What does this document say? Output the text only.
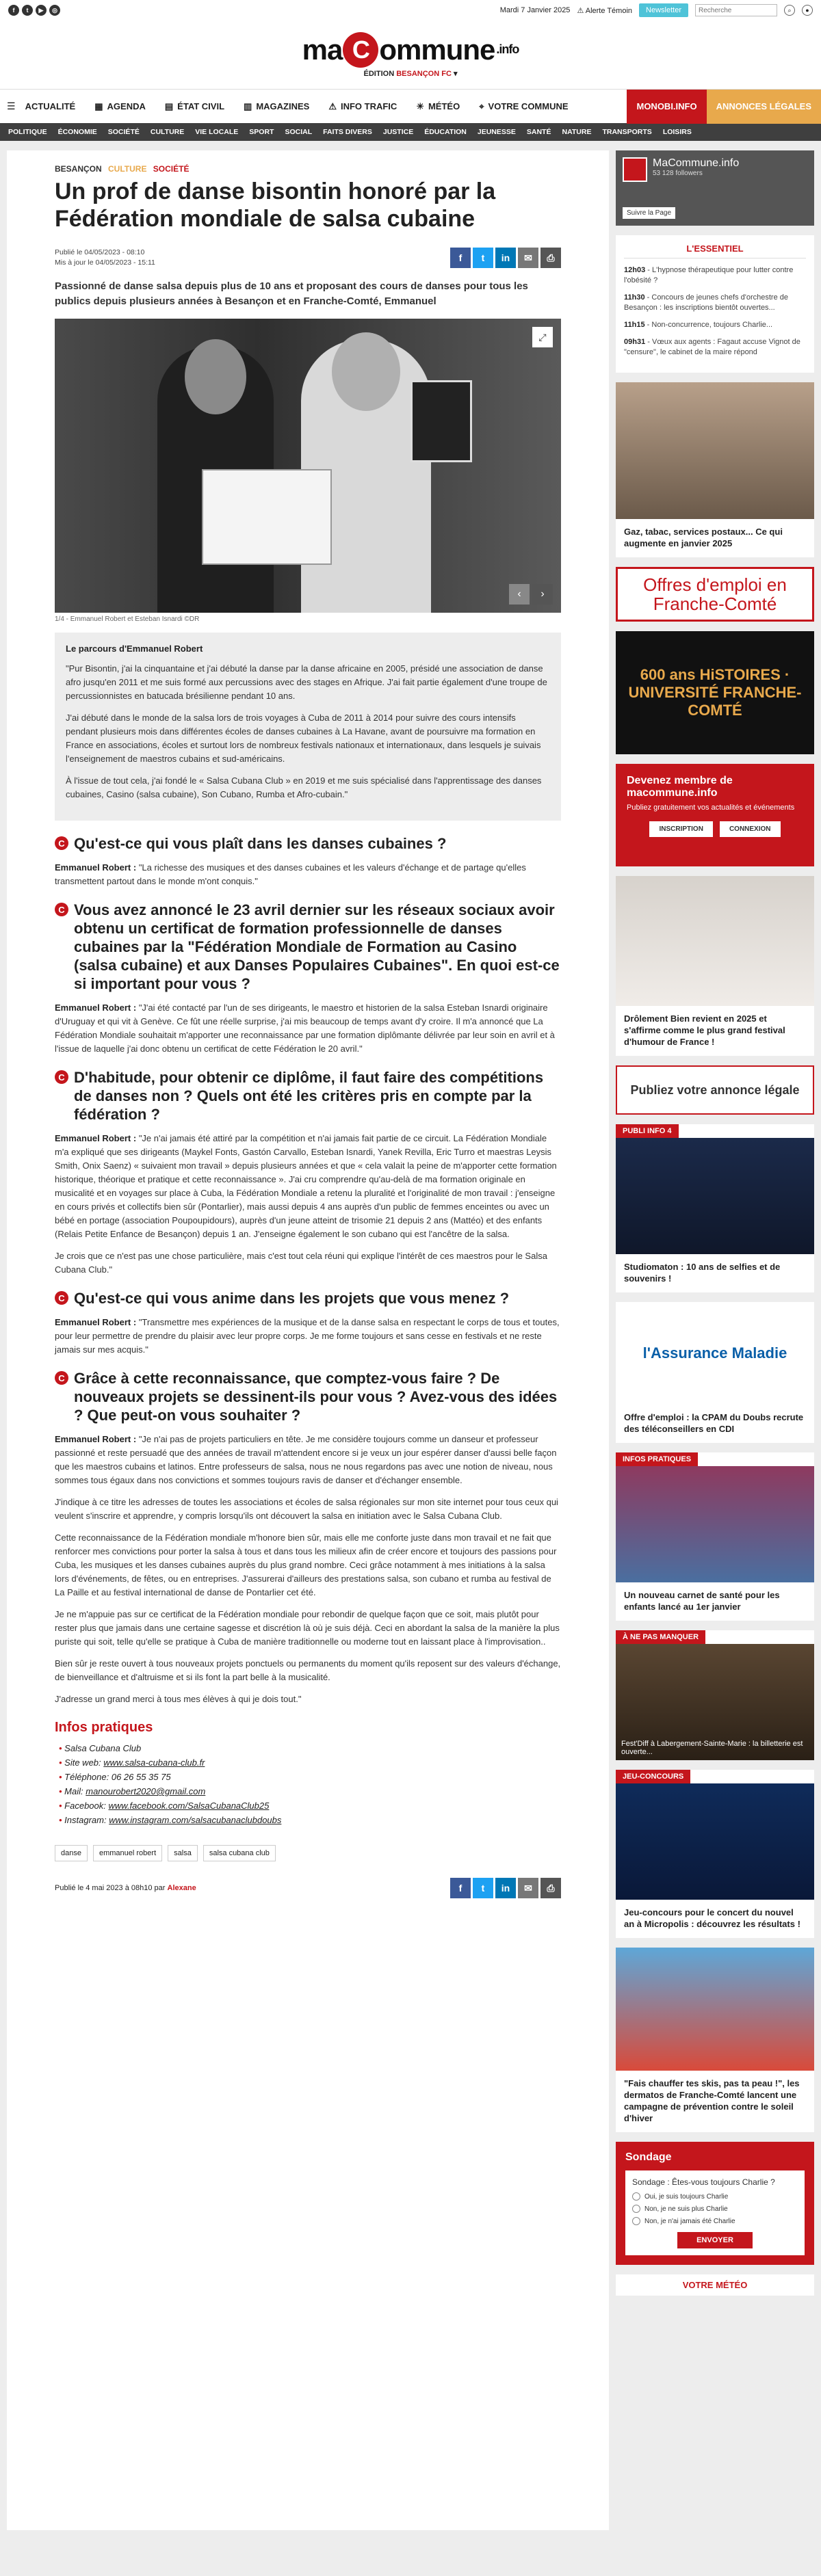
f	t	▶	◎	Mardi 7 Janvier 2025 ⚠ Alerte Témoin	Newsletter
Recherche	⌕	●
ma C ommune .info
ÉDITION BESANÇON FC ▾
☰ ACTUALITÉ ▦ AGENDA ▤ ÉTAT CIVIL ▥ MAGAZINES ⚠ INFO TRAFIC ☀ MÉTÉO ⌖ VOTRE COMMUNE	MONOBI.INFO	ANNONCES LÉGALES
POLITIQUE ÉCONOMIE SOCIÉTÉ CULTURE VIE LOCALE SPORT SOCIAL FAITS DIVERS JUSTICE ÉDUCATION JEUNESSE SANTÉ NATURE TRANSPORTS LOISIRS
BESANÇON CULTURE SOCIÉTÉ
Un prof de danse bisontin honoré par la Fédération mondiale de salsa cubaine
Publié le 04/05/2023 - 08:10
Mis à jour le 04/05/2023 - 15:11	f	t	in	✉	⎙

Passionné de danse salsa depuis plus de 10 ans et proposant des cours de danses pour tous les publics depuis plusieurs années à Besançon et en Franche-Comté, Emmanuel

⤢
‹	›
1/4 - Emmanuel Robert et Esteban Isnardi ©DR
Le parcours d'Emmanuel Robert

"Pur Bisontin, j'ai la cinquantaine et j'ai débuté la danse par la danse africaine en 2005, présidé une association de danse afro jusqu'en 2011 et me suis formé aux percussions avec des stages en Afrique. J'ai fait partie également d'une troupe de percussionnistes en batucada brésilienne pendant 10 ans.

J'ai débuté dans le monde de la salsa lors de trois voyages à Cuba de 2011 à 2014 pour suivre des cours intensifs pendant plusieurs mois dans différentes écoles de danses cubaines à La Havane, avant de poursuivre ma formation en France en associations, écoles et surtout lors de nombreux festivals nationaux et internationaux, dans lesquels je suivais l'enseignement de maestros cubains et sud-américains.

À l'issue de tout cela, j'ai fondé le « Salsa Cubana Club » en 2019 et me suis spécialisé dans l'apprentissage des danses cubaines, Casino (salsa cubaine), Son Cubano, Rumba et Afro-cubain."

C Qu'est-ce qui vous plaît dans les danses cubaines ?

Emmanuel Robert : "La richesse des musiques et des danses cubaines et les valeurs d'échange et de partage qu'elles transmettent partout dans le monde m'ont conquis."

C Vous avez annoncé le 23 avril dernier sur les réseaux sociaux avoir obtenu un certificat de formation professionnelle de danses cubaines par la "Fédération Mondiale de Formation au Casino (salsa cubaine) et aux Danses Populaires Cubaines". En quoi est-ce si important pour vous ?

Emmanuel Robert : "J'ai été contacté par l'un de ses dirigeants, le maestro et historien de la salsa Esteban Isnardi originaire d'Uruguay et qui vit à Genève. Ce fût une réelle surprise, j'ai mis beaucoup de temps avant d'y croire. Il m'a annoncé que La Fédération Mondiale souhaitait m'apporter une reconnaissance par une formation diplômante délivrée par leur soin en avril et à l'issue de laquelle j'ai donc obtenu un certificat de cette Fédération le 20 avril."

C D'habitude, pour obtenir ce diplôme, il faut faire des compétitions de danses non ? Quels ont été les critères pris en compte par la fédération ?

Emmanuel Robert : "Je n'ai jamais été attiré par la compétition et n'ai jamais fait partie de ce circuit. La Fédération Mondiale m'a expliqué que ses dirigeants (Maykel Fonts, Gastón Carvallo, Esteban Isnardi, Yanek Revilla, Eric Turro et maestras Leysis Smith, Onix Saenz) « suivaient mon travail » depuis plusieurs années et que « cela valait la peine de m'apporter cette formation historique, théorique et pratique et cette reconnaissance ». J'ai cru comprendre qu'au-delà de ma formation originale en musicalité et en voyages sur place à Cuba, la Fédération Mondiale a retenu la pluralité et l'originalité de mon travail : j'enseigne en cours privés et collectifs bien sûr (Pontarlier), mais aussi depuis 4 ans auprès d'un public de femmes enceintes ou avec un bébé en portage (association Poupoupidours), auprès d'un jeune atteint de trisomie 21 depuis 2 ans (Mattéo) et des enfants (Relais Petite Enfance de Besançon) depuis 1 an. J'enseigne également le son cubano qui est l'ancêtre de la salsa.

Je crois que ce n'est pas une chose particulière, mais c'est tout cela réuni qui explique l'intérêt de ces maestros pour le Salsa Cubana Club."

C Qu'est-ce qui vous anime dans les projets que vous menez ?

Emmanuel Robert : "Transmettre mes expériences de la musique et de la danse salsa en respectant le corps de tous et toutes, pour leur permettre de prendre du plaisir avec leur propre corps. Je me forme toujours et sans cesse en festivals et ne reste jamais sur mes acquis."

C Grâce à cette reconnaissance, que comptez-vous faire ? De nouveaux projets se dessinent-ils pour vous ? Avez-vous des idées ? Que peut-on vous souhaiter ?

Emmanuel Robert : "Je n'ai pas de projets particuliers en tête. Je me considère toujours comme un danseur et professeur passionné et reste persuadé que des années de travail m'attendent encore si je veux un jour espérer danser d'aussi belle façon que les maestros cubains et latinos. Entre professeurs de salsa, nous ne nous regardons pas avec une notion de niveau, nous sommes tous égaux dans nos convictions et sommes toujours ravis de danser et d'échanger ensemble.

J'indique à ce titre les adresses de toutes les associations et écoles de salsa régionales sur mon site internet pour tous ceux qui veulent s'inscrire et apprendre, y compris lorsqu'ils ont découvert la salsa en initiation avec le Salsa Cubana Club.

Cette reconnaissance de la Fédération mondiale m'honore bien sûr, mais elle me conforte juste dans mon travail et ne fait que renforcer mes convictions pour porter la salsa à tous et dans tous les milieux afin de créer encore et toujours des passions pour Cuba, les musiques et les danses cubaines auprès du plus grand nombre. Ceci grâce notamment à mes initiations à la salsa lors d'événements, de fêtes, ou en entreprises. J'assurerai d'ailleurs des prestations salsa, son cubano et rumba au festival de La Paille et au festival international de danse de Pontarlier cet été.

Je ne m'appuie pas sur ce certificat de la Fédération mondiale pour rebondir de quelque façon que ce soit, mais plutôt pour rester plus que jamais dans une certaine sagesse et discrétion là où je suis déjà. Ceci en abordant la salsa de la manière la plus puriste qui soit, telle qu'elle se pratique à Cuba de manière traditionnelle ou moderne tout en laissant place à l'improvisation..

Bien sûr je reste ouvert à tous nouveaux projets ponctuels ou permanents du moment qu'ils reposent sur des valeurs d'échange, de bienveillance et d'altruisme et si ils font la part belle à la musicalité.

J'adresse un grand merci à tous mes élèves à qui je dois tout."

Infos pratiques
• Salsa Cubana Club
• Site web: www.salsa-cubana-club.fr
• Téléphone: 06 26 55 35 75
• Mail: manourobert2020@gmail.com
• Facebook: www.facebook.com/SalsaCubanaClub25
• Instagram: www.instagram.com/salsacubanaclubdoubs
danse	emmanuel robert	salsa	salsa cubana club
Publié le 4 mai 2023 à 08h10 par Alexane	f	t	in	✉	⎙
MaCommune.info
53 128 followers
Suivre la Page
L'ESSENTIEL
12h03 - L'hypnose thérapeutique pour lutter contre l'obésité ?
11h30 - Concours de jeunes chefs d'orchestre de Besançon : les inscriptions bientôt ouvertes...
11h15 - Non-concurrence, toujours Charlie...
09h31 - Vœux aux agents : Fagaut accuse Vignot de "censure", le cabinet de la maire répond
Gaz, tabac, services postaux... Ce qui augmente en janvier 2025
Offres d'emploi en Franche-Comté
600 ans HiSTOIRES · UNIVERSITÉ FRANCHE-COMTÉ
Devenez membre de macommune.info

Publiez gratuitement vos actualités et événements

INSCRIPTION	CONNEXION
Drôlement Bien revient en 2025 et s'affirme comme le plus grand festival d'humour de France !
Publiez votre annonce légale
PUBLI INFO 4
Studiomaton : 10 ans de selfies et de souvenirs !
l'Assurance Maladie
Offre d'emploi : la CPAM du Doubs recrute des téléconseillers en CDI
INFOS PRATIQUES
Un nouveau carnet de santé pour les enfants lancé au 1er janvier
À NE PAS MANQUER
Fest'Diff à Labergement-Sainte-Marie : la billetterie est ouverte...
JEU-CONCOURS
Jeu-concours pour le concert du nouvel an à Micropolis : découvrez les résultats !
"Fais chauffer tes skis, pas ta peau !", les dermatos de Franche-Comté lancent une campagne de prévention contre le soleil d'hiver
Sondage

Sondage : Êtes-vous toujours Charlie ?

Oui, je suis toujours Charlie
Non, je ne suis plus Charlie
Non, je n'ai jamais été Charlie
ENVOYER
VOTRE MÉTÉO
